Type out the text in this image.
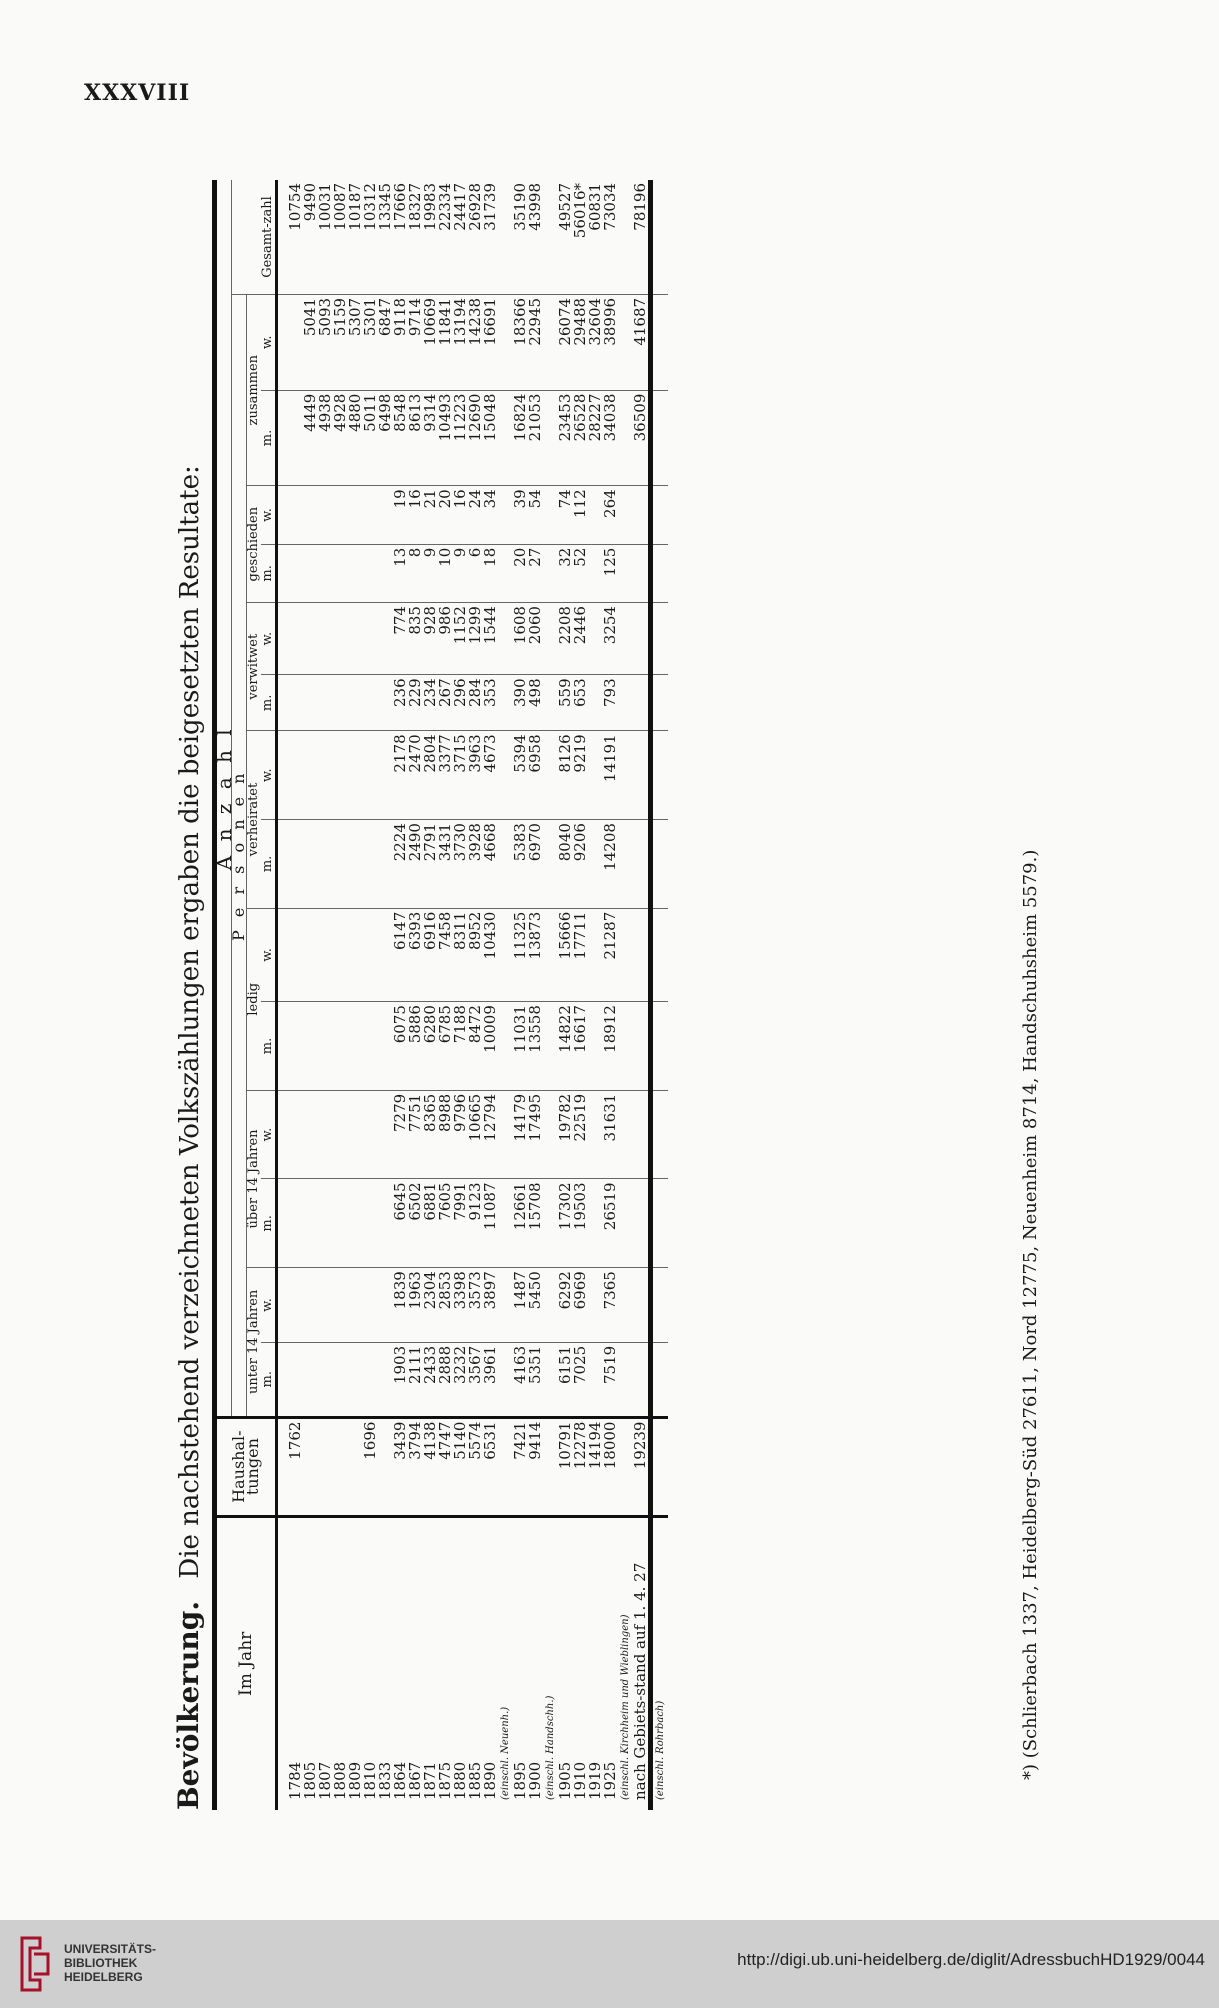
XXXVIII
Bevölkerung. Die nachstehend verzeichneten Volkszählungen ergaben die beigesetzten Resultate:
Im Jahr	Haushal-tungen	A n z a h l														
		P e r s o n e n														Gesamt-zahl
		unter 14 Jahren		über 14 Jahren		ledig		verheiratet		verwitwet		geschieden		zusammen		
		m.	w.	m.	w.	m.	w.	m.	w.	m.	w.	m.	w.	m.	w.	

1784	1762															10754
1805														4449	5041	9490
1807														4938	5093	10031
1808														4928	5159	10087
1809														4880	5307	10187
1810	1696													5011	5301	10312
1833														6498	6847	13345
1864	3439	1903	1839	6645	7279	6075	6147	2224	2178	236	774	13	19	8548	9118	17666
1867	3794	2111	1963	6502	7751	5886	6393	2490	2470	229	835	8	16	8613	9714	18327
1871	4138	2433	2304	6881	8365	6280	6916	2791	2804	234	928	9	21	9314	10669	19983
1875	4747	2888	2853	7605	8988	6785	7458	3431	3377	267	986	10	20	10493	11841	22334
1880	5140	3232	3398	7991	9796	7188	8311	3730	3715	296	1152	9	16	11223	13194	24417
1885	5574	3567	3573	9123	10665	8472	8952	3928	3963	284	1299	6	24	12690	14238	26928
1890	6531	3961	3897	11087	12794	10009	10430	4668	4673	353	1544	18	34	15048	16691	31739
(einschl. Neuenh.)																
1895	7421	4163	1487	12661	14179	11031	11325	5383	5394	390	1608	20	39	16824	18366	35190
1900	9414	5351	5450	15708	17495	13558	13873	6970	6958	498	2060	27	54	21053	22945	43998
(einschl. Handschh.)																
1905	10791	6151	6292	17302	19782	14822	15666	8040	8126	559	2208	32	74	23453	26074	49527
1910	12278	7025	6969	19503	22519	16617	17711	9206	9219	653	2446	52	112	26528	29488	56016*
1919	14194													28227	32604	60831
1925	18000	7519	7365	26519	31631	18912	21287	14208	14191	793	3254	125	264	34038	38996	73034
(einschl. Kirchheim und Wieblingen)																
nach Gebiets-stand auf 1. 4. 27	19239													36509	41687	78196
(einschl. Rohrbach)																	*) (Schlierbach 1337, Heidelberg-Süd 27611, Nord 12775, Neuenheim 8714, Handschuhsheim 5579.)
UNIVERSITÄTS-
BIBLIOTHEK
HEIDELBERG
http://digi.ub.uni-heidelberg.de/diglit/AdressbuchHD1929/0044
